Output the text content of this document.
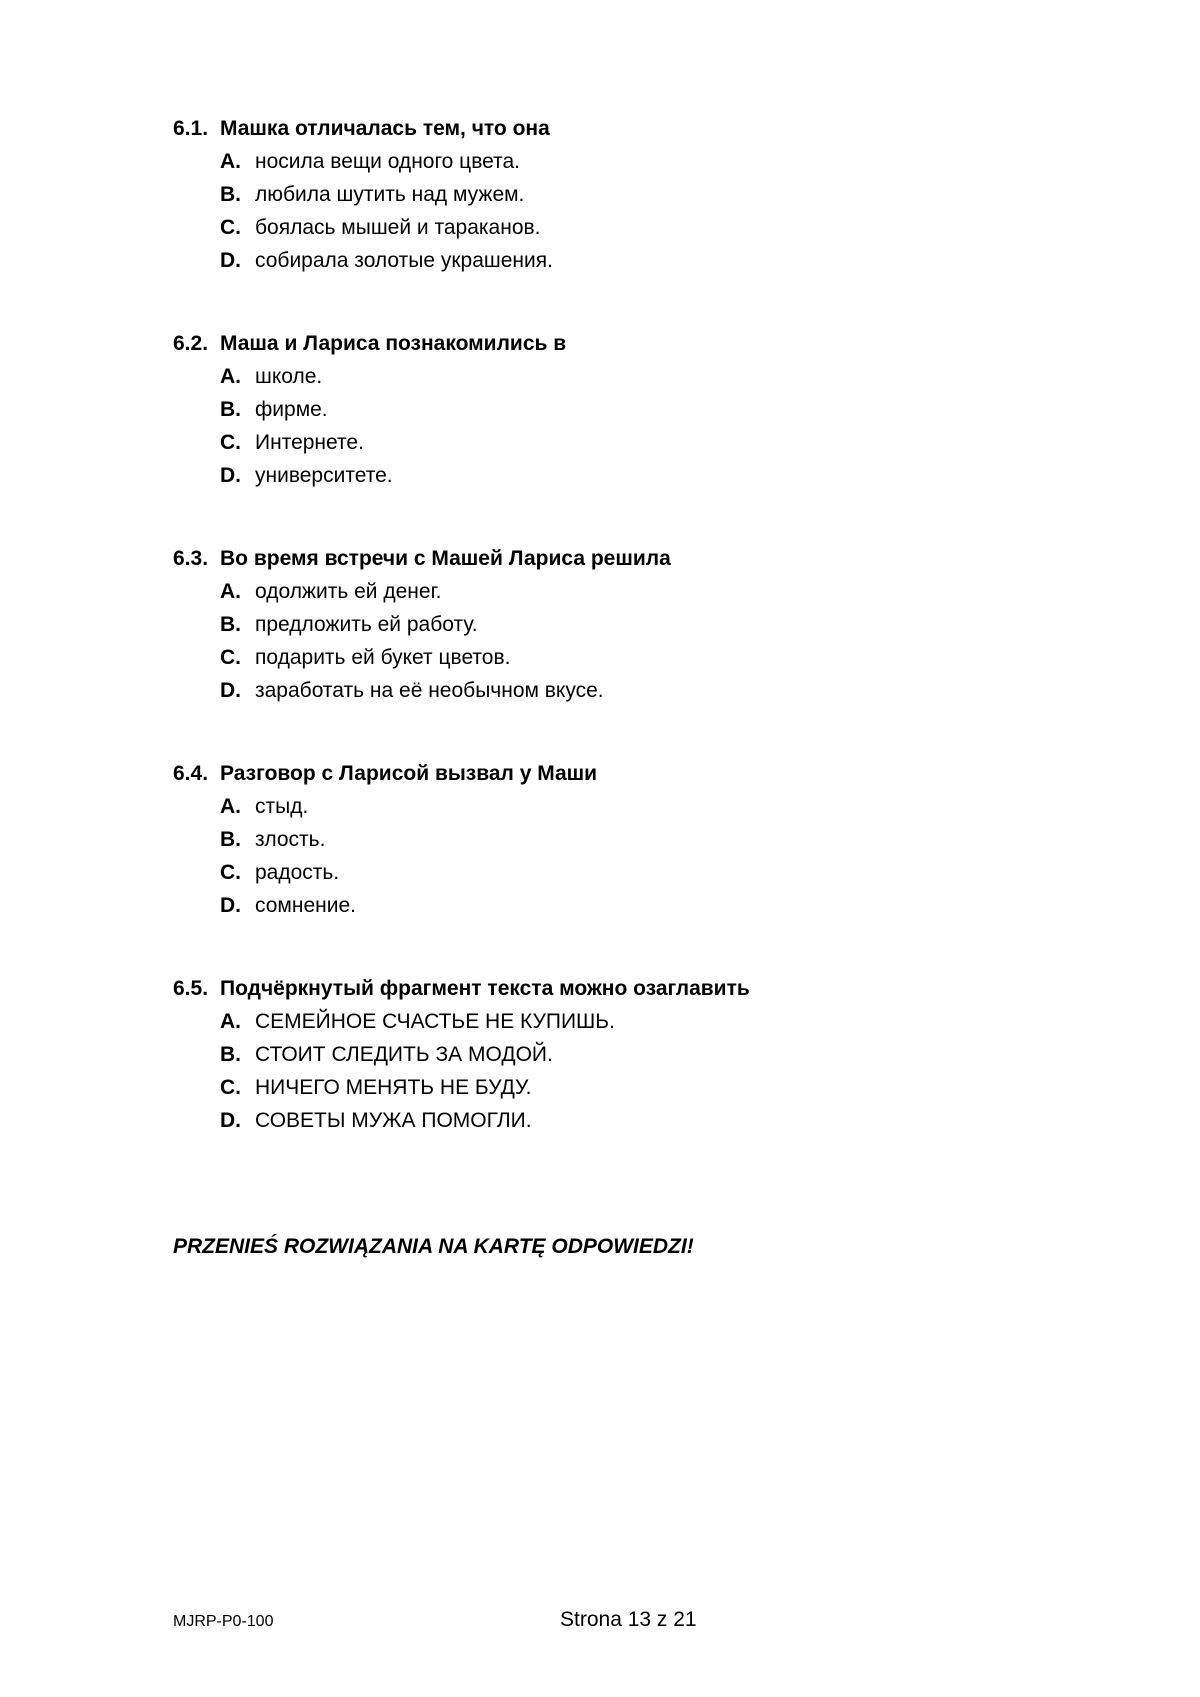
6.1. Машка отличалась тем, что она
A. носила вещи одного цвета.
B. любила шутить над мужем.
C. боялась мышей и тараканов.
D. собирала золотые украшения.
6.2. Маша и Лариса познакомились в
A. школе.
B. фирме.
C. Интернете.
D. университете.
6.3. Во время встречи с Машей Лариса решила
A. одолжить ей денег.
B. предложить ей работу.
C. подарить ей букет цветов.
D. заработать на её необычном вкусе.
6.4. Разговор с Ларисой вызвал у Маши
A. стыд.
B. злость.
C. радость.
D. сомнение.
6.5. Подчёркнутый фрагмент текста можно озаглавить
A. СЕМЕЙНОЕ СЧАСТЬЕ НЕ КУПИШЬ.
B. СТОИТ СЛЕДИТЬ ЗА МОДОЙ.
C. НИЧЕГО МЕНЯТЬ НЕ БУДУ.
D. СОВЕТЫ МУЖА ПОМОГЛИ.
PRZENIEŚ ROZWIĄZANIA NA KARTĘ ODPOWIEDZI!
MJRP-P0-100	Strona 13 z 21
